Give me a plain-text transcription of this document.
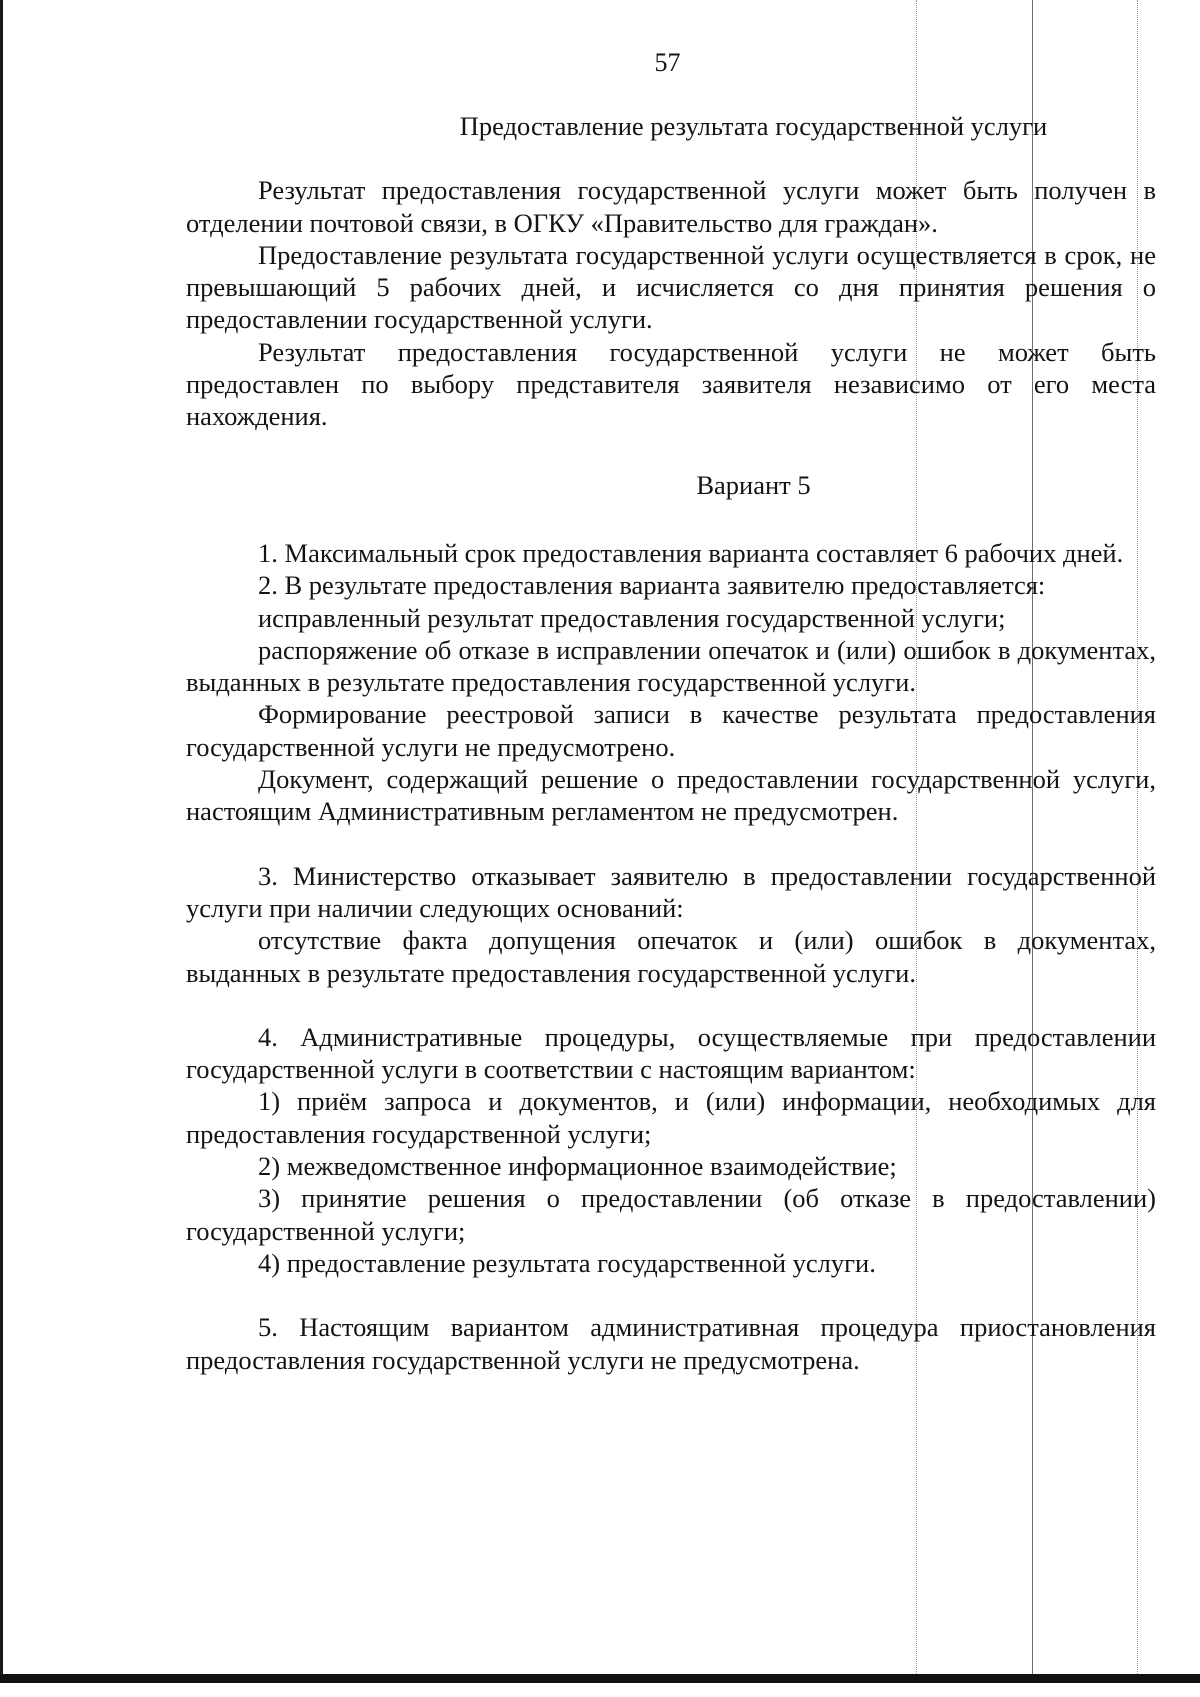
57

Предоставление результата государственной услуги

Результат предоставления государственной услуги может быть получен в отделении почтовой связи, в ОГКУ «Правительство для граждан».

Предоставление результата государственной услуги осуществляется в срок, не превышающий 5 рабочих дней, и исчисляется со дня принятия решения о предоставлении государственной услуги.

Результат предоставления государственной услуги не может быть предоставлен по выбору представителя заявителя независимо от его места нахождения.

Вариант 5

1. Максимальный срок предоставления варианта составляет 6 рабочих дней.

2. В результате предоставления варианта заявителю предоставляется:

исправленный результат предоставления государственной услуги;

распоряжение об отказе в исправлении опечаток и (или) ошибок в документах, выданных в результате предоставления государственной услуги.

Формирование реестровой записи в качестве результата предоставления государственной услуги не предусмотрено.

Документ, содержащий решение о предоставлении государственной услуги, настоящим Административным регламентом не предусмотрен.

3. Министерство отказывает заявителю в предоставлении государственной услуги при наличии следующих оснований:

отсутствие факта допущения опечаток и (или) ошибок в документах, выданных в результате предоставления государственной услуги.

4. Административные процедуры, осуществляемые при предоставлении государственной услуги в соответствии с настоящим вариантом:

1) приём запроса и документов, и (или) информации, необходимых для предоставления государственной услуги;

2) межведомственное информационное взаимодействие;

3) принятие решения о предоставлении (об отказе в предоставлении) государственной услуги;

4) предоставление результата государственной услуги.

5. Настоящим вариантом административная процедура приостановления предоставления государственной услуги не предусмотрена.
